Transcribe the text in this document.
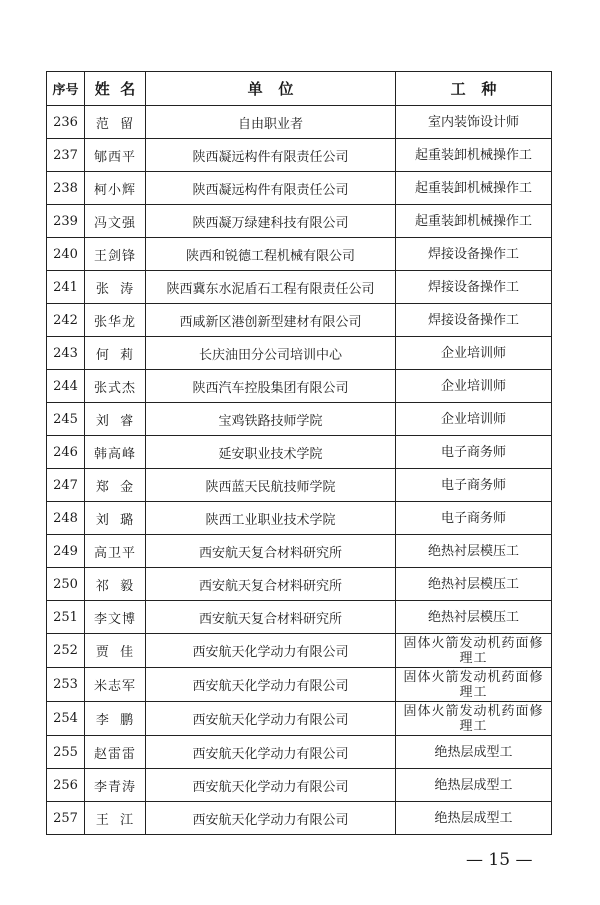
序号	姓  名	单   位	工   种
236	范  留	自由职业者	室内装饰设计师
237	郇西平	陕西凝远构件有限责任公司	起重装卸机械操作工
238	柯小辉	陕西凝远构件有限责任公司	起重装卸机械操作工
239	冯文强	陕西凝万绿建科技有限公司	起重装卸机械操作工
240	王剑锋	陕西和锐德工程机械有限公司	焊接设备操作工
241	张  涛	陕西冀东水泥盾石工程有限责任公司	焊接设备操作工
242	张华龙	西咸新区港创新型建材有限公司	焊接设备操作工
243	何  莉	长庆油田分公司培训中心	企业培训师
244	张式杰	陕西汽车控股集团有限公司	企业培训师
245	刘  睿	宝鸡铁路技师学院	企业培训师
246	韩高峰	延安职业技术学院	电子商务师
247	郑  金	陕西蓝天民航技师学院	电子商务师
248	刘  璐	陕西工业职业技术学院	电子商务师
249	高卫平	西安航天复合材料研究所	绝热衬层模压工
250	祁  毅	西安航天复合材料研究所	绝热衬层模压工
251	李文博	西安航天复合材料研究所	绝热衬层模压工
252	贾  佳	西安航天化学动力有限公司	固体火箭发动机药面修理工

253	米志军	西安航天化学动力有限公司	固体火箭发动机药面修理工

254	李  鹏	西安航天化学动力有限公司	固体火箭发动机药面修理工

255	赵雷雷	西安航天化学动力有限公司	绝热层成型工
256	李青涛	西安航天化学动力有限公司	绝热层成型工
257	王  江	西安航天化学动力有限公司	绝热层成型工
— 15 —
